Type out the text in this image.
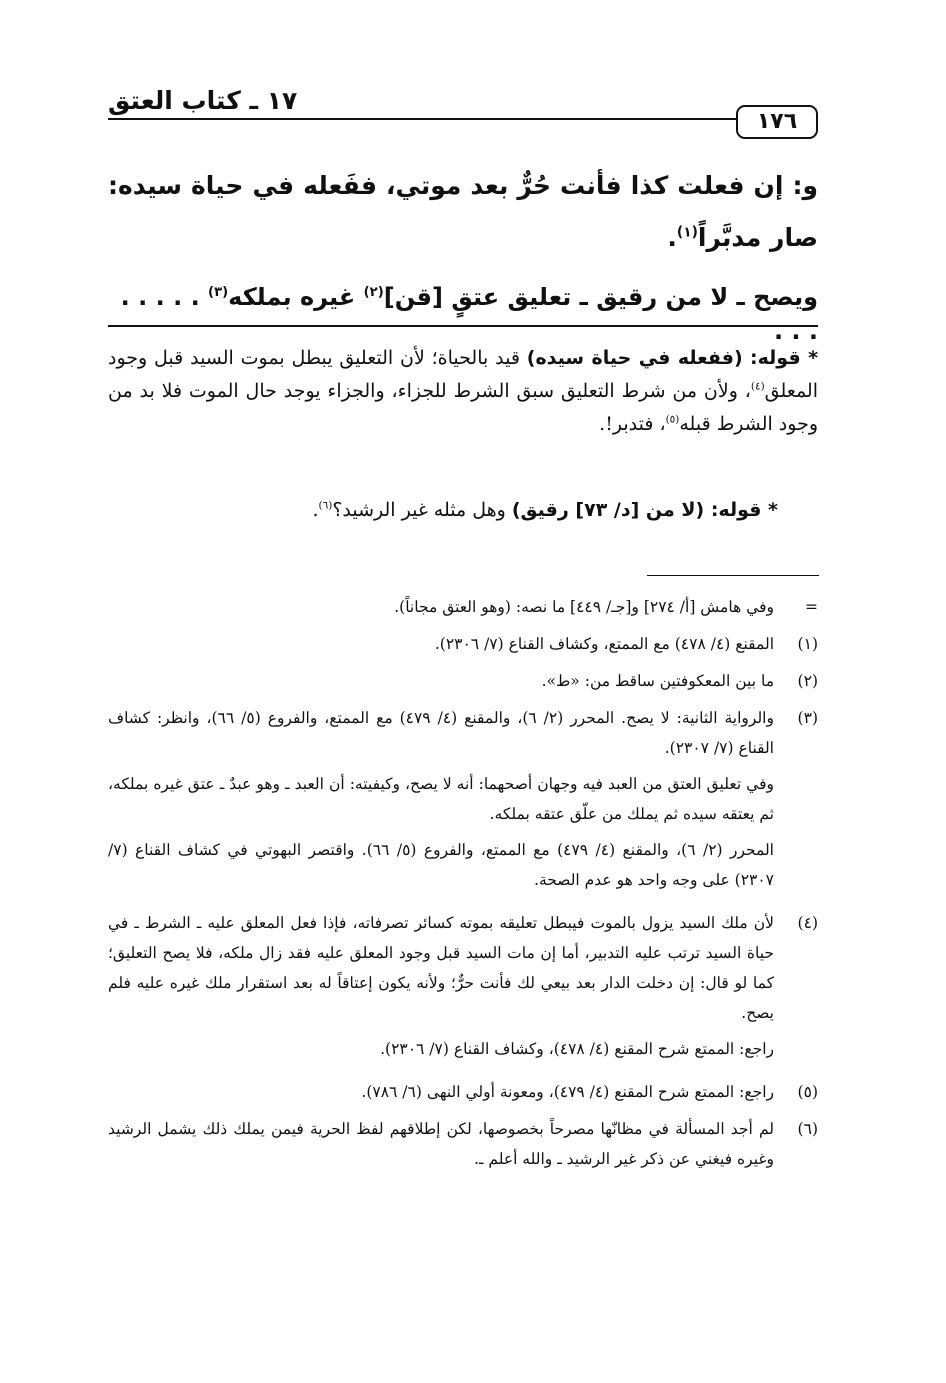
١٧ ـ كتاب العتق
١٧٦
و: إن فعلت كذا فأنت حُرٌّ بعد موتي، ففَعله في حياة سيده: صار مدبَّراً$^{(١)}$.
ويصح ـ لا من رقيق ـ تعليق عتقٍ [قن]$^{(٢)}$ غيره بملكه$^{(٣)}$ . . . . . . . .
* قوله: (ففعله في حياة سيده) قيد بالحياة؛ لأن التعليق يبطل بموت السيد قبل وجود المعلق$^{(٤)}$، ولأن من شرط التعليق سبق الشرط للجزاء، والجزاء يوجد حال الموت فلا بد من وجود الشرط قبله$^{(٥)}$، فتدبر!.
* قوله: (لا من [د/ ٧٣] رقيق) وهل مثله غير الرشيد؟$^{(٦)}$.
=
وفي هامش [أ/ ٢٧٤] و[جـ/ ٤٤٩] ما نصه: (وهو العتق مجاناً).
(١)
المقنع (٤/ ٤٧٨) مع الممتع، وكشاف القناع (٧/ ٢٣٠٦).
(٢)
ما بين المعكوفتين ساقط من: «ط».
(٣)

والرواية الثانية: لا يصح. المحرر (٢/ ٦)، والمقنع (٤/ ٤٧٩) مع الممتع، والفروع (٥/ ٦٦)، وانظر: كشاف القناع (٧/ ٢٣٠٧).

وفي تعليق العتق من العبد فيه وجهان أصحهما: أنه لا يصح، وكيفيته: أن العبد ـ وهو عبدٌ ـ عتق غيره بملكه، ثم يعتقه سيده ثم يملك من علّق عتقه بملكه.

المحرر (٢/ ٦)، والمقنع (٤/ ٤٧٩) مع الممتع، والفروع (٥/ ٦٦). واقتصر البهوتي في كشاف القناع (٧/ ٢٣٠٧) على وجه واحد هو عدم الصحة.

(٤)

لأن ملك السيد يزول بالموت فيبطل تعليقه بموته كسائر تصرفاته، فإذا فعل المعلق عليه ـ الشرط ـ في حياة السيد ترتب عليه التدبير، أما إن مات السيد قبل وجود المعلق عليه فقد زال ملكه، فلا يصح التعليق؛ كما لو قال: إن دخلت الدار بعد بيعي لك فأنت حرٌّ؛ ولأنه يكون إعتاقاً له بعد استقرار ملك غيره عليه فلم يصح.

راجع: الممتع شرح المقنع (٤/ ٤٧٨)، وكشاف القناع (٧/ ٢٣٠٦).

(٥)
راجع: الممتع شرح المقنع (٤/ ٤٧٩)، ومعونة أولي النهى (٦/ ٧٨٦).
(٦)
لم أجد المسألة في مظانّها مصرحاً بخصوصها، لكن إطلاقهم لفظ الحرية فيمن يملك ذلك يشمل الرشيد وغيره فيغني عن ذكر غير الرشيد ـ والله أعلم ـ.
